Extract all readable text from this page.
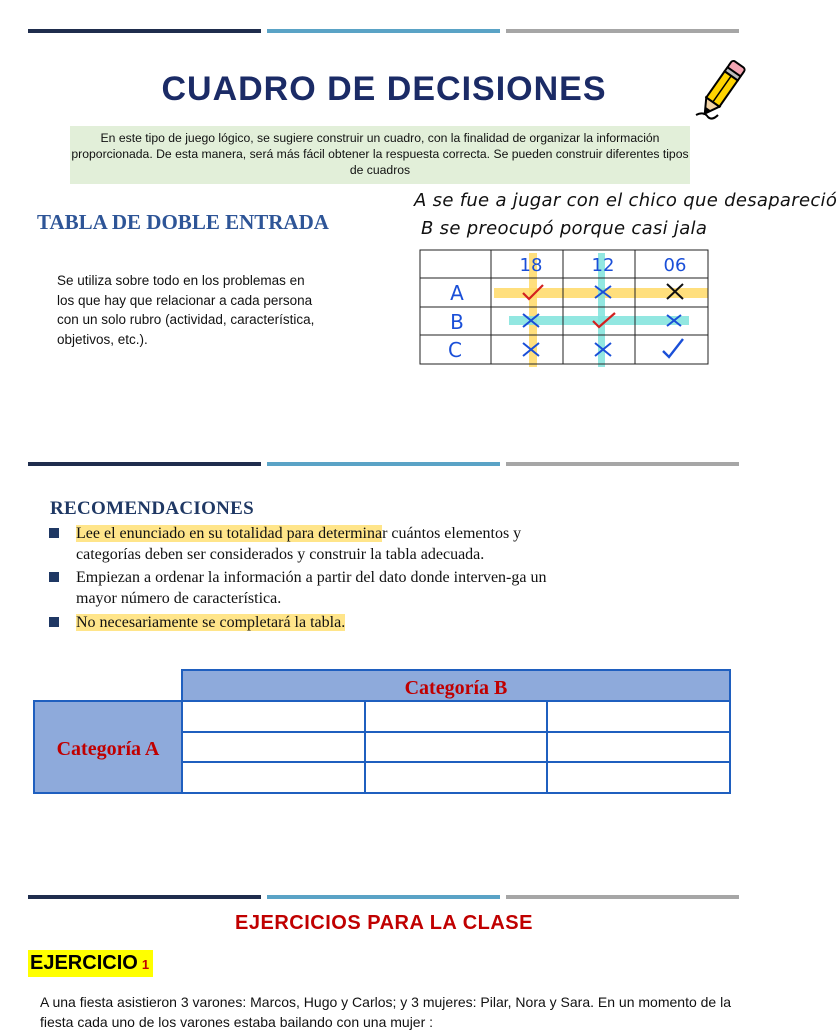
CUADRO DE DECISIONES
En este tipo de juego lógico, se sugiere construir un cuadro, con la finalidad de organizar la información proporcionada. De esta manera, será más fácil obtener la respuesta correcta. Se pueden construir diferentes tipos de cuadros
TABLA DE DOBLE ENTRADA
Se utiliza sobre todo en los problemas en los que hay que relacionar a cada persona con un solo rubro (actividad, característica, objetivos, etc.).
A se fue a jugar con el chico que desapareció
B se preocupó porque casi jala
18	12	06
A
B
C
RECOMENDACIONES
Lee el enunciado en su totalidad para determinar cuántos elementos y categorías deben ser considerados y construir la tabla adecuada.
Empiezan a ordenar la información a partir del dato donde interven-ga un mayor número de característica.
No necesariamente se completará la tabla.
Categoría B
Categoría A
EJERCICIOS PARA LA CLASE
EJERCICIO 1
A una fiesta asistieron 3 varones: Marcos, Hugo y Carlos; y 3 mujeres: Pilar, Nora y Sara. En un momento de la fiesta cada uno de los varones estaba bailando con una mujer :
